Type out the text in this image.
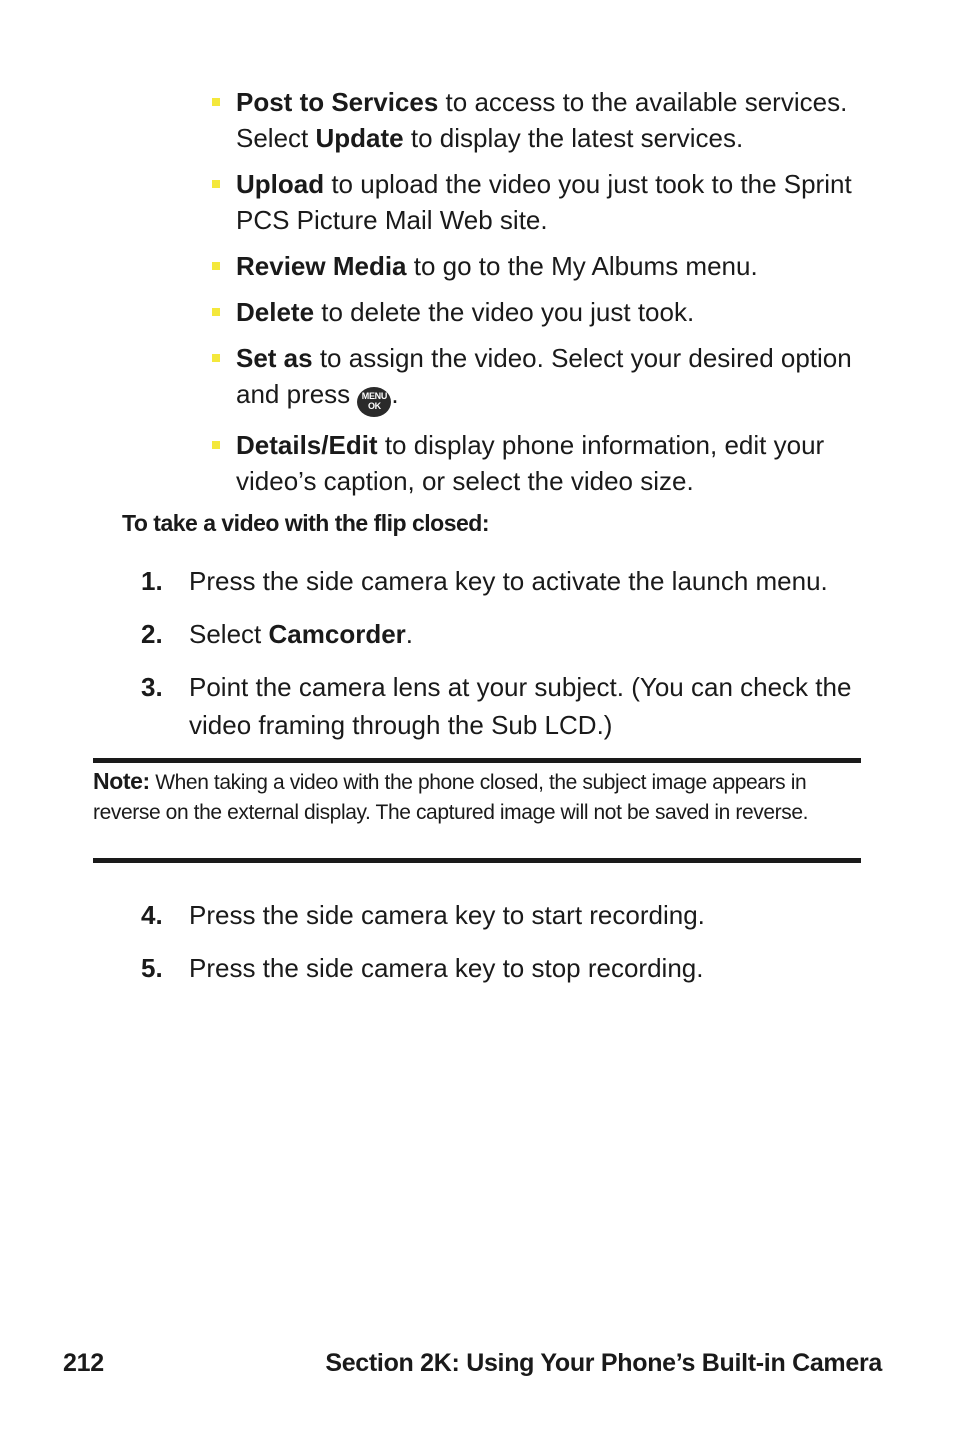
Post to Services to access to the available services. Select Update to display the latest services.
Upload to upload the video you just took to the Sprint PCS Picture Mail Web site.
Review Media to go to the My Albums menu.
Delete to delete the video you just took.
Set as to assign the video. Select your desired option and press MENU
OK .
Details/Edit to display phone information, edit your video’s caption, or select the video size.
To take a video with the flip closed:
1. Press the side camera key to activate the launch menu.
2. Select Camcorder.
3. Point the camera lens at your subject. (You can check the video framing through the Sub LCD.)
Note: When taking a video with the phone closed, the subject image appears in reverse on the external display. The captured image will not be saved in reverse.
4. Press the side camera key to start recording.
5. Press the side camera key to stop recording.
212	Section 2K: Using Your Phone’s Built-in Camera
